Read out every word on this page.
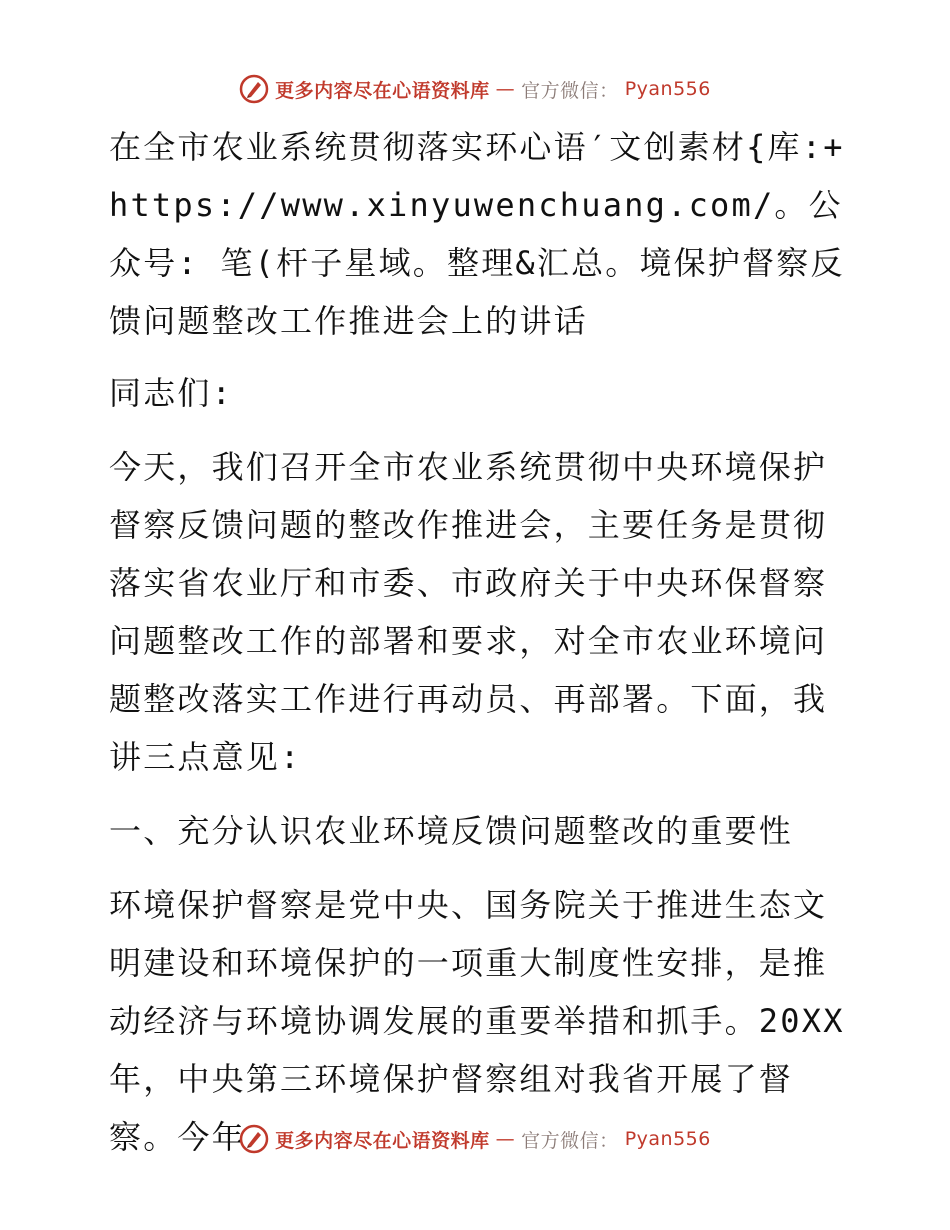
更多内容尽在心语资料库 — 官方微信： Pyan556

在全市农业系统贯彻落实环心语′文创素材{库:+https://www.xinyuwenchuang.com/。公众号: 笔(杆子星域。整理&汇总。境保护督察反馈问题整改工作推进会上的讲话

同志们:

今天，我们召开全市农业系统贯彻中央环境保护督察反馈问题的整改作推进会，主要任务是贯彻落实省农业厅和市委、市政府关于中央环保督察问题整改工作的部署和要求，对全市农业环境问题整改落实工作进行再动员、再部署。下面，我讲三点意见:

一、充分认识农业环境反馈问题整改的重要性

环境保护督察是党中央、国务院关于推进生态文明建设和环境保护的一项重大制度性安排，是推动经济与环境协调发展的重要举措和抓手。20XX年，中央第三环境保护督察组对我省开展了督察。今年	更多内容尽在心语资料库 — 官方微信： Pyan556
